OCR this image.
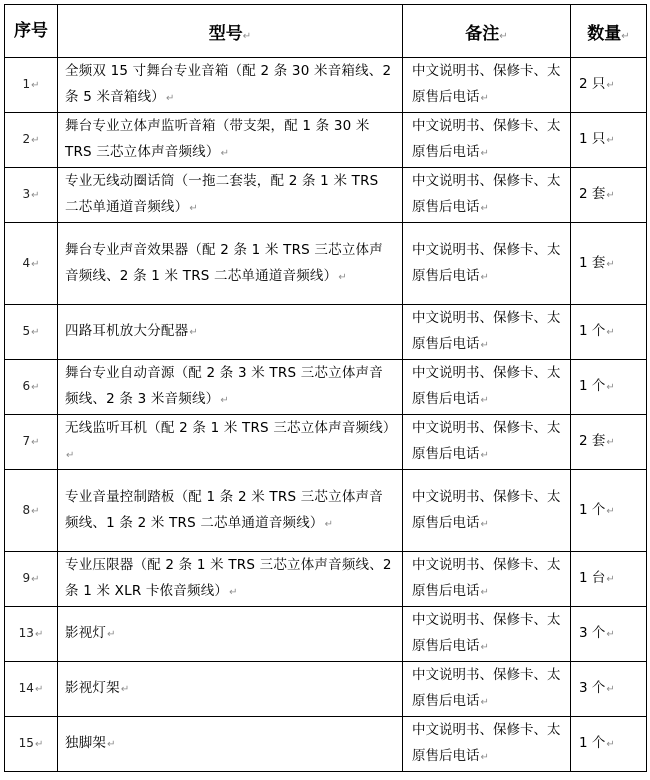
序号	型号↵	备注↵	数量↵
1↵	全频双 15 寸舞台专业音箱（配 2 条 30 米音箱线、2 条 5 米音箱线）↵	中文说明书、保修卡、太原售后电话↵	2 只↵
2↵	舞台专业立体声监听音箱（带支架，配 1 条 30 米 TRS 三芯立体声音频线）↵	中文说明书、保修卡、太原售后电话↵	1 只↵
3↵	专业无线动圈话筒（一拖二套装，配 2 条 1 米 TRS 二芯单通道音频线）↵	中文说明书、保修卡、太原售后电话↵	2 套↵
4↵	舞台专业声音效果器（配 2 条 1 米 TRS 三芯立体声音频线、2 条 1 米 TRS 二芯单通道音频线）↵	中文说明书、保修卡、太原售后电话↵	1 套↵
5↵	四路耳机放大分配器↵	中文说明书、保修卡、太原售后电话↵	1 个↵
6↵	舞台专业自动音源（配 2 条 3 米 TRS 三芯立体声音频线、2 条 3 米音频线）↵	中文说明书、保修卡、太原售后电话↵	1 个↵
7↵	无线监听耳机（配 2 条 1 米 TRS 三芯立体声音频线）↵	中文说明书、保修卡、太原售后电话↵	2 套↵
8↵	专业音量控制踏板（配 1 条 2 米 TRS 三芯立体声音频线、1 条 2 米 TRS 二芯单通道音频线）↵	中文说明书、保修卡、太原售后电话↵	1 个↵
9↵	专业压限器（配 2 条 1 米 TRS 三芯立体声音频线、2 条 1 米 XLR 卡侬音频线）↵	中文说明书、保修卡、太原售后电话↵	1 台↵
13↵	影视灯↵	中文说明书、保修卡、太原售后电话↵	3 个↵
14↵	影视灯架↵	中文说明书、保修卡、太原售后电话↵	3 个↵
15↵	独脚架↵	中文说明书、保修卡、太原售后电话↵	1 个↵
